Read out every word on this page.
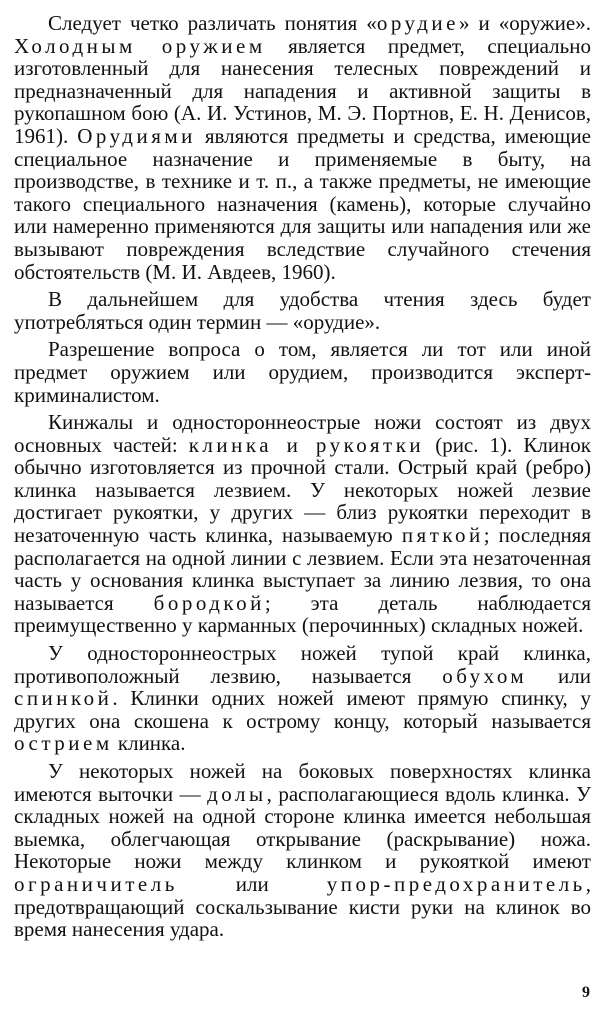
Следует четко различать понятия «орудие» и «оружие». Холодным оружием является предмет, специально изготовленный для нанесения телесных повреждений и предназначенный для нападения и активной защиты в рукопашном бою (А. И. Устинов, М. Э. Портнов, Е. Н. Денисов, 1961). Орудиями являются предметы и средства, имеющие специальное назначение и применяемые в быту, на производстве, в технике и т. п., а также предметы, не имеющие такого специального назначения (камень), которые случайно или намеренно применяются для защиты или нападения или же вызывают повреждения вследствие случайного стечения обстоятельств (М. И. Авдеев, 1960).

В дальнейшем для удобства чтения здесь будет употребляться один термин — «орудие».

Разрешение вопроса о том, является ли тот или иной предмет оружием или орудием, производится эксперт-криминалистом.

Кинжалы и одностороннеострые ножи состоят из двух основных частей: клинка и рукоятки (рис. 1). Клинок обычно изготовляется из прочной стали. Острый край (ребро) клинка называется лезвием. У некоторых ножей лезвие достигает рукоятки, у других — близ рукоятки переходит в незаточенную часть клинка, называемую пяткой; последняя располагается на одной линии с лезвием. Если эта незаточенная часть у основания клинка выступает за линию лезвия, то она называется бородкой; эта деталь наблюдается преимущественно у карманных (перочинных) складных ножей.

У одностороннеострых ножей тупой край клинка, противоположный лезвию, называется обухом или спинкой. Клинки одних ножей имеют прямую спинку, у других она скошена к острому концу, который называется острием клинка.

У некоторых ножей на боковых поверхностях клинка имеются выточки — долы, располагающиеся вдоль клинка. У складных ножей на одной стороне клинка имеется небольшая выемка, облегчающая открывание (раскрывание) ножа. Некоторые ножи между клинком и рукояткой имеют ограничитель или упор-предохранитель, предотвращающий соскальзывание кисти руки на клинок во время нанесения удара.

9
